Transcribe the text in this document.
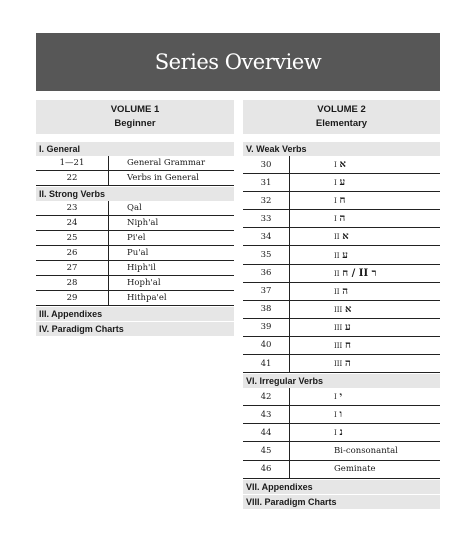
Series Overview
VOLUME 1
Beginner
I. General
1—21	General Grammar
22	Verbs in General
II. Strong Verbs
23	Qal
24	Niph'al
25	Pi'el
26	Pu'al
27	Hiph'il
28	Hoph'al
29	Hithpa'el
III. Appendixes
IV. Paradigm Charts
VOLUME 2
Elementary
V. Weak Verbs
30	I א
31	I ע
32	I ח
33	I ה
34	II א
35	II ע
36	II ח / II ר
37	II ה
38	III א
39	III ע
40	III ח
41	III ה
VI. Irregular Verbs
42	I י
43	I ו
44	I נ
45	Bi-consonantal
46	Geminate
VII. Appendixes
VIII. Paradigm Charts
